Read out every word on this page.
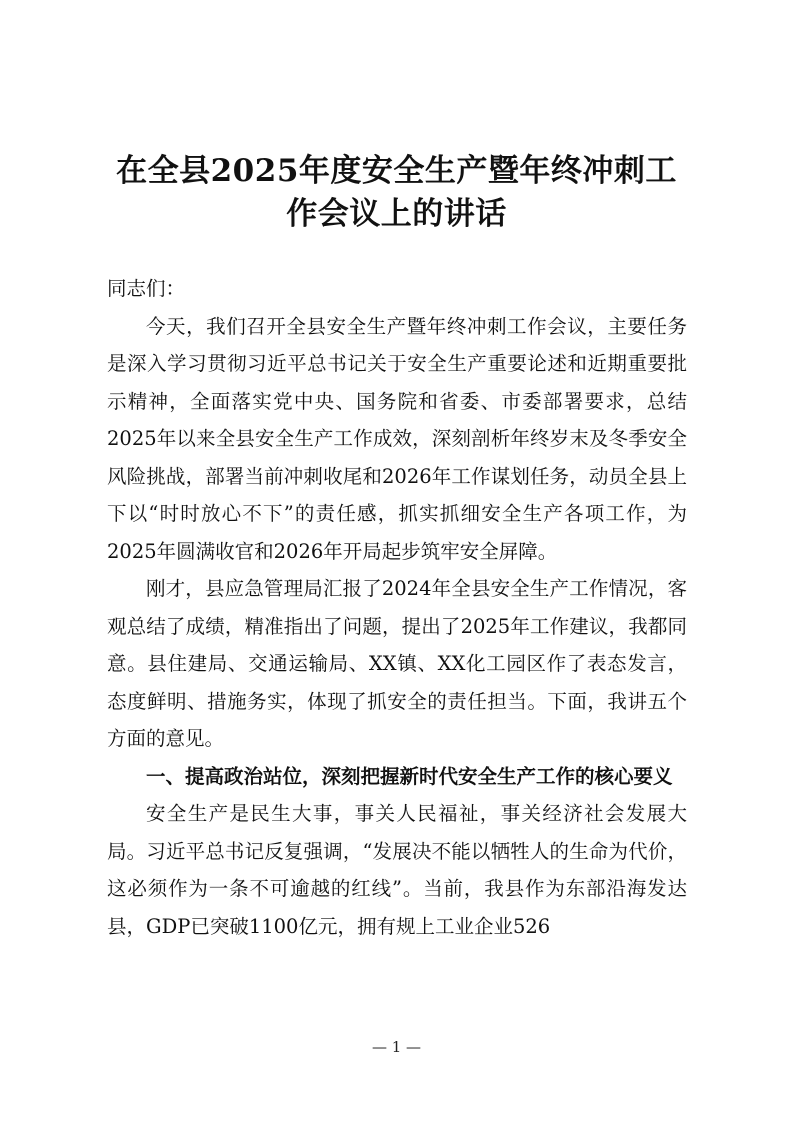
在全县2025年度安全生产暨年终冲刺工
作会议上的讲话

同志们：

今天，我们召开全县安全生产暨年终冲刺工作会议，主要任务是深入学习贯彻习近平总书记关于安全生产重要论述和近期重要批示精神，全面落实党中央、国务院和省委、市委部署要求，总结2025年以来全县安全生产工作成效，深刻剖析年终岁末及冬季安全风险挑战，部署当前冲刺收尾和2026年工作谋划任务，动员全县上下以“时时放心不下”的责任感，抓实抓细安全生产各项工作，为2025年圆满收官和2026年开局起步筑牢安全屏障。

刚才，县应急管理局汇报了2024年全县安全生产工作情况，客观总结了成绩，精准指出了问题，提出了2025年工作建议，我都同意。县住建局、交通运输局、XX镇、XX化工园区作了表态发言，态度鲜明、措施务实，体现了抓安全的责任担当。下面，我讲五个方面的意见。

一、提高政治站位，深刻把握新时代安全生产工作的核心要义

安全生产是民生大事，事关人民福祉，事关经济社会发展大局。习近平总书记反复强调，“发展决不能以牺牲人的生命为代价，这必须作为一条不可逾越的红线”。当前，我县作为东部沿海发达县，GDP已突破1100亿元，拥有规上工业企业526

— 1 —
